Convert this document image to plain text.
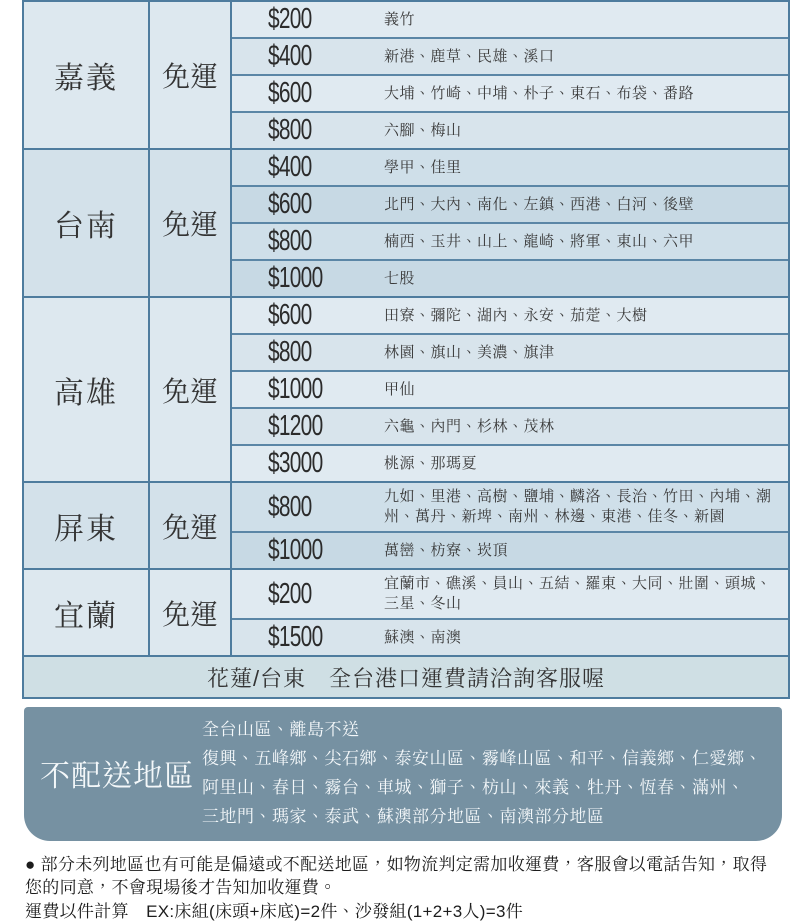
嘉義	免運
$200	義竹
$400	新港、鹿草、民雄、溪口
$600	大埔、竹崎、中埔、朴子、東石、布袋、番路
$800	六腳、梅山
台南	免運
$400	學甲、佳里
$600	北門、大內、南化、左鎮、西港、白河、後壁
$800	楠西、玉井、山上、龍崎、將軍、東山、六甲
$1000	七股
高雄	免運
$600	田寮、彌陀、湖內、永安、茄萣、大樹
$800	林園、旗山、美濃、旗津
$1000	甲仙
$1200	六龜、內門、杉林、茂林
$3000	桃源、那瑪夏
屏東	免運
$800	九如、里港、高樹、鹽埔、麟洛、長治、竹田、內埔、潮州、萬丹、新埤、南州、林邊、東港、佳冬、新園
$1000	萬巒、枋寮、崁頂
宜蘭	免運
$200	宜蘭市、礁溪、員山、五結、羅東、大同、壯圍、頭城、三星、冬山
$1500	蘇澳、南澳
花蓮/台東　全台港口運費請洽詢客服喔
不配送地區
全台山區、離島不送
復興、五峰鄉、尖石鄉、泰安山區、霧峰山區、和平、信義鄉、仁愛鄉、
阿里山、春日、霧台、車城、獅子、枋山、來義、牡丹、恆春、滿州、
三地門、瑪家、泰武、蘇澳部分地區、南澳部分地區

● 部分未列地區也有可能是偏遠或不配送地區，如物流判定需加收運費，客服會以電話告知，取得您的同意，不會現場後才告知加收運費。

運費以件計算　EX:床組(床頭+床底)=2件、沙發組(1+2+3人)=3件
